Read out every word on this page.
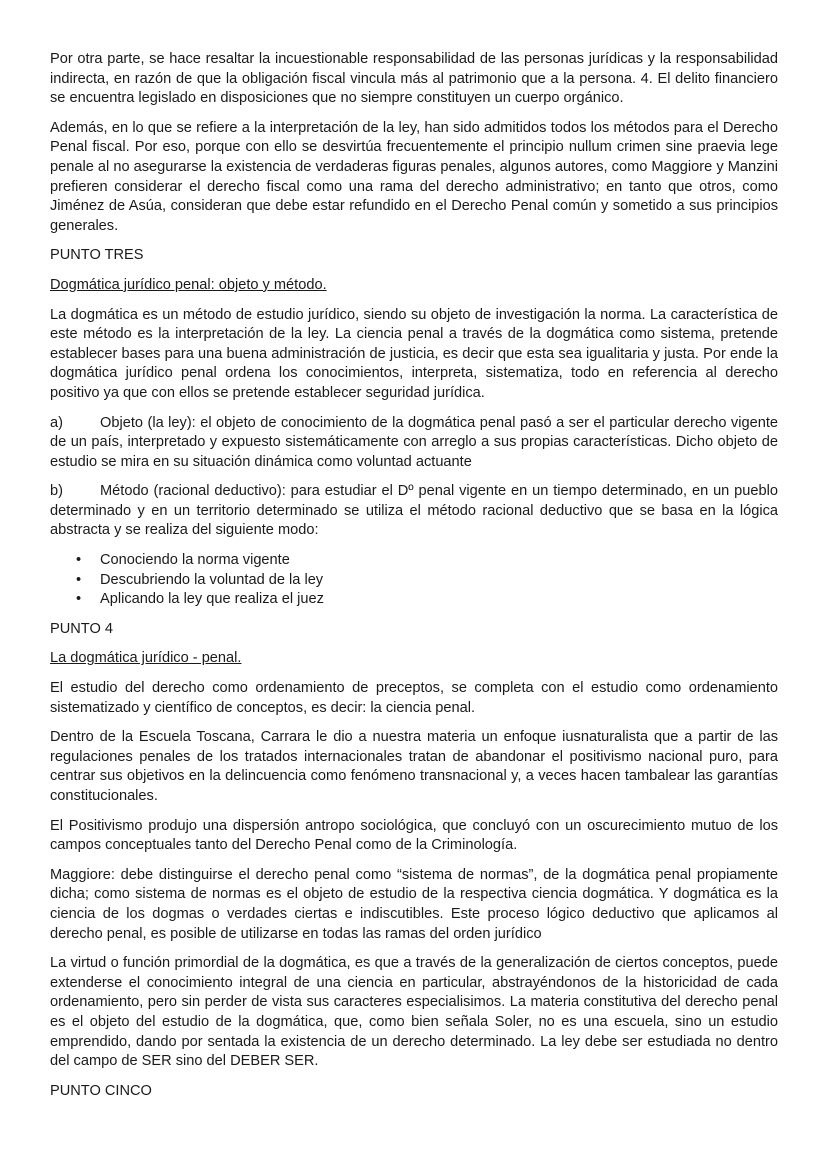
Por otra parte, se hace resaltar la incuestionable responsabilidad de las personas jurídicas y la responsabilidad indirecta, en razón de que la obligación fiscal vincula más al patrimonio que a la persona. 4. El delito financiero se encuentra legislado en disposiciones que no siempre constituyen un cuerpo orgánico.

Además, en lo que se refiere a la interpretación de la ley, han sido admitidos todos los métodos para el Derecho Penal fiscal. Por eso, porque con ello se desvirtúa frecuentemente el principio nullum crimen sine praevia lege penale al no asegurarse la existencia de verdaderas figuras penales, algunos autores, como Maggiore y Manzini prefieren considerar el derecho fiscal como una rama del derecho administrativo; en tanto que otros, como Jiménez de Asúa, consideran que debe estar refundido en el Derecho Penal común y sometido a sus principios generales.

PUNTO TRES

Dogmática jurídico penal: objeto y método.

La dogmática es un método de estudio jurídico, siendo su objeto de investigación la norma. La característica de este método es la interpretación de la ley. La ciencia penal a través de la dogmática como sistema, pretende establecer bases para una buena administración de justicia, es decir que esta sea igualitaria y justa. Por ende la dogmática jurídico penal ordena los conocimientos, interpreta, sistematiza, todo en referencia al derecho positivo ya que con ellos se pretende establecer seguridad jurídica.

a)	Objeto (la ley): el objeto de conocimiento de la dogmática penal pasó a ser el particular derecho vigente de un país, interpretado y expuesto sistemáticamente con arreglo a sus propias características. Dicho objeto de estudio se mira en su situación dinámica como voluntad actuante

b)	Método (racional deductivo): para estudiar el Dº penal vigente en un tiempo determinado, en un pueblo determinado y en un territorio determinado se utiliza el método racional deductivo que se basa en la lógica abstracta y se realiza del siguiente modo:

• Conociendo la norma vigente
• Descubriendo la voluntad de la ley
• Aplicando la ley que realiza el juez

PUNTO 4

La dogmática jurídico - penal.

El estudio del derecho como ordenamiento de preceptos, se completa con el estudio como ordenamiento sistematizado y científico de conceptos, es decir: la ciencia penal.

Dentro de la Escuela Toscana, Carrara le dio a nuestra materia un enfoque iusnaturalista que a partir de las regulaciones penales de los tratados internacionales tratan de abandonar el positivismo nacional puro, para centrar sus objetivos en la delincuencia como fenómeno transnacional y, a veces hacen tambalear las garantías constitucionales.

El Positivismo produjo una dispersión antropo sociológica, que concluyó con un oscurecimiento mutuo de los campos conceptuales tanto del Derecho Penal como de la Criminología.

Maggiore: debe distinguirse el derecho penal como “sistema de normas”, de la dogmática penal propiamente dicha; como sistema de normas es el objeto de estudio de la respectiva ciencia dogmática. Y dogmática es la ciencia de los dogmas o verdades ciertas e indiscutibles. Este proceso lógico deductivo que aplicamos al derecho penal, es posible de utilizarse en todas las ramas del orden jurídico

La virtud o función primordial de la dogmática, es que a través de la generalización de ciertos conceptos, puede extenderse el conocimiento integral de una ciencia en particular, abstrayéndonos de la historicidad de cada ordenamiento, pero sin perder de vista sus caracteres especialisimos. La materia constitutiva del derecho penal es el objeto del estudio de la dogmática, que, como bien señala Soler, no es una escuela, sino un estudio emprendido, dando por sentada la existencia de un derecho determinado. La ley debe ser estudiada no dentro del campo de SER sino del DEBER SER.

PUNTO CINCO
